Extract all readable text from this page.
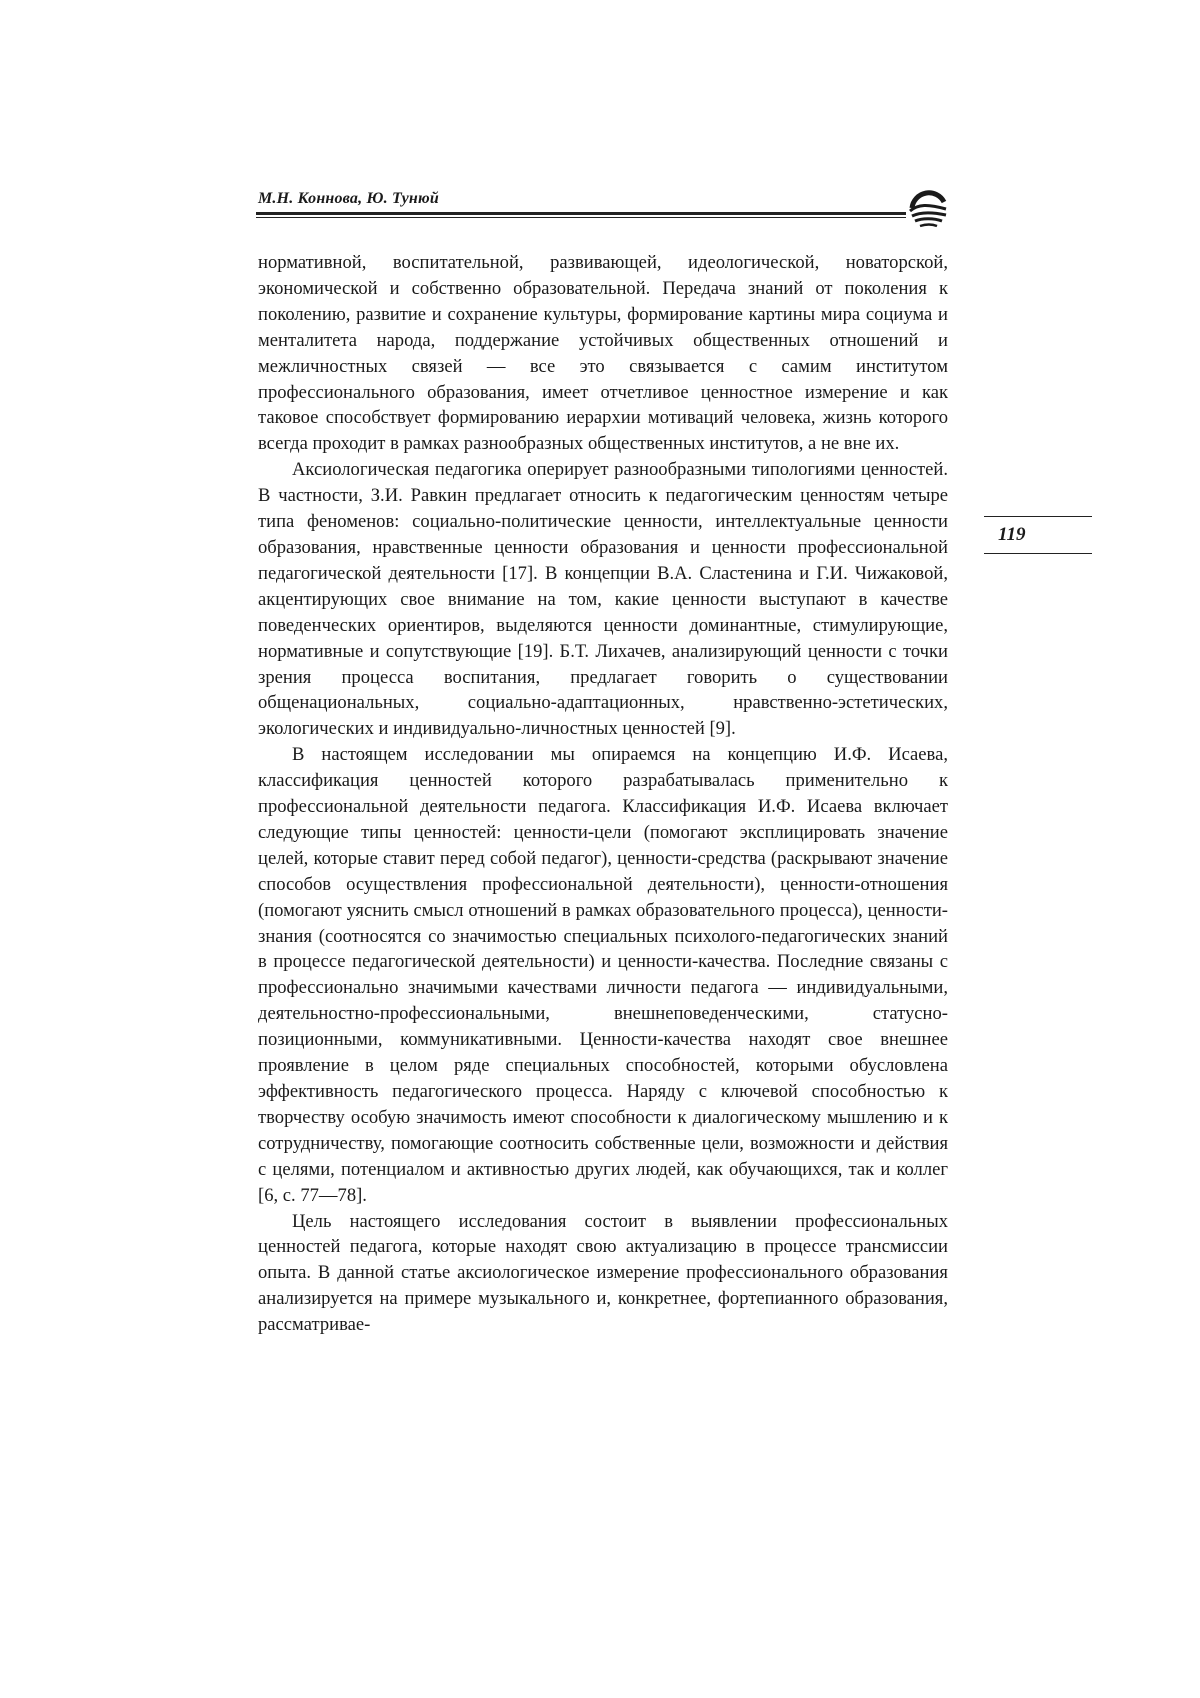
М.Н. Коннова, Ю. Тунюй
119

нормативной, воспитательной, развивающей, идеологической, новаторской, экономической и собственно образовательной. Передача знаний от поколения к поколению, развитие и сохранение культуры, формирование картины мира социума и менталитета народа, поддержание устойчивых общественных отношений и межличностных связей — все это связывается с самим институтом профессионального образования, имеет отчетливое ценностное измерение и как таковое способствует формированию иерархии мотиваций человека, жизнь которого всегда проходит в рамках разнообразных общественных институтов, а не вне их.

Аксиологическая педагогика оперирует разнообразными типологиями ценностей. В частности, З.И. Равкин предлагает относить к педагогическим ценностям четыре типа феноменов: социально-политические ценности, интеллектуальные ценности образования, нравственные ценности образования и ценности профессиональной педагогической деятельности [17]. В концепции В.А. Сластенина и Г.И. Чижаковой, акцентирующих свое внимание на том, какие ценности выступают в качестве поведенческих ориентиров, выделяются ценности доминантные, стимулирующие, нормативные и сопутствующие [19]. Б.Т. Лихачев, анализирующий ценности с точки зрения процесса воспитания, предлагает говорить о существовании общенациональных, социально-адаптационных, нравственно-эстетических, экологических и индивидуально-личностных ценностей [9].

В настоящем исследовании мы опираемся на концепцию И.Ф. Исаева, классификация ценностей которого разрабатывалась применительно к профессиональной деятельности педагога. Классификация И.Ф. Исаева включает следующие типы ценностей: ценности-цели (помогают эксплицировать значение целей, которые ставит перед собой педагог), ценности-средства (раскрывают значение способов осуществления профессиональной деятельности), ценности-отношения (помогают уяснить смысл отношений в рамках образовательного процесса), ценности-знания (соотносятся со значимостью специальных психолого-педагогических знаний в процессе педагогической деятельности) и ценности-качества. Последние связаны с профессионально значимыми качествами личности педагога — индивидуальными, деятельностно-профессиональными, внешнеповеденческими, статусно-позиционными, коммуникативными. Ценности-качества находят свое внешнее проявление в целом ряде специальных способностей, которыми обусловлена эффективность педагогического процесса. Наряду с ключевой способностью к творчеству особую значимость имеют способности к диалогическому мышлению и к сотрудничеству, помогающие соотносить собственные цели, возможности и действия с целями, потенциалом и активностью других людей, как обучающихся, так и коллег [6, с. 77—78].

Цель настоящего исследования состоит в выявлении профессиональных ценностей педагога, которые находят свою актуализацию в процессе трансмиссии опыта. В данной статье аксиологическое измерение профессионального образования анализируется на примере музыкального и, конкретнее, фортепианного образования, рассматривае-
